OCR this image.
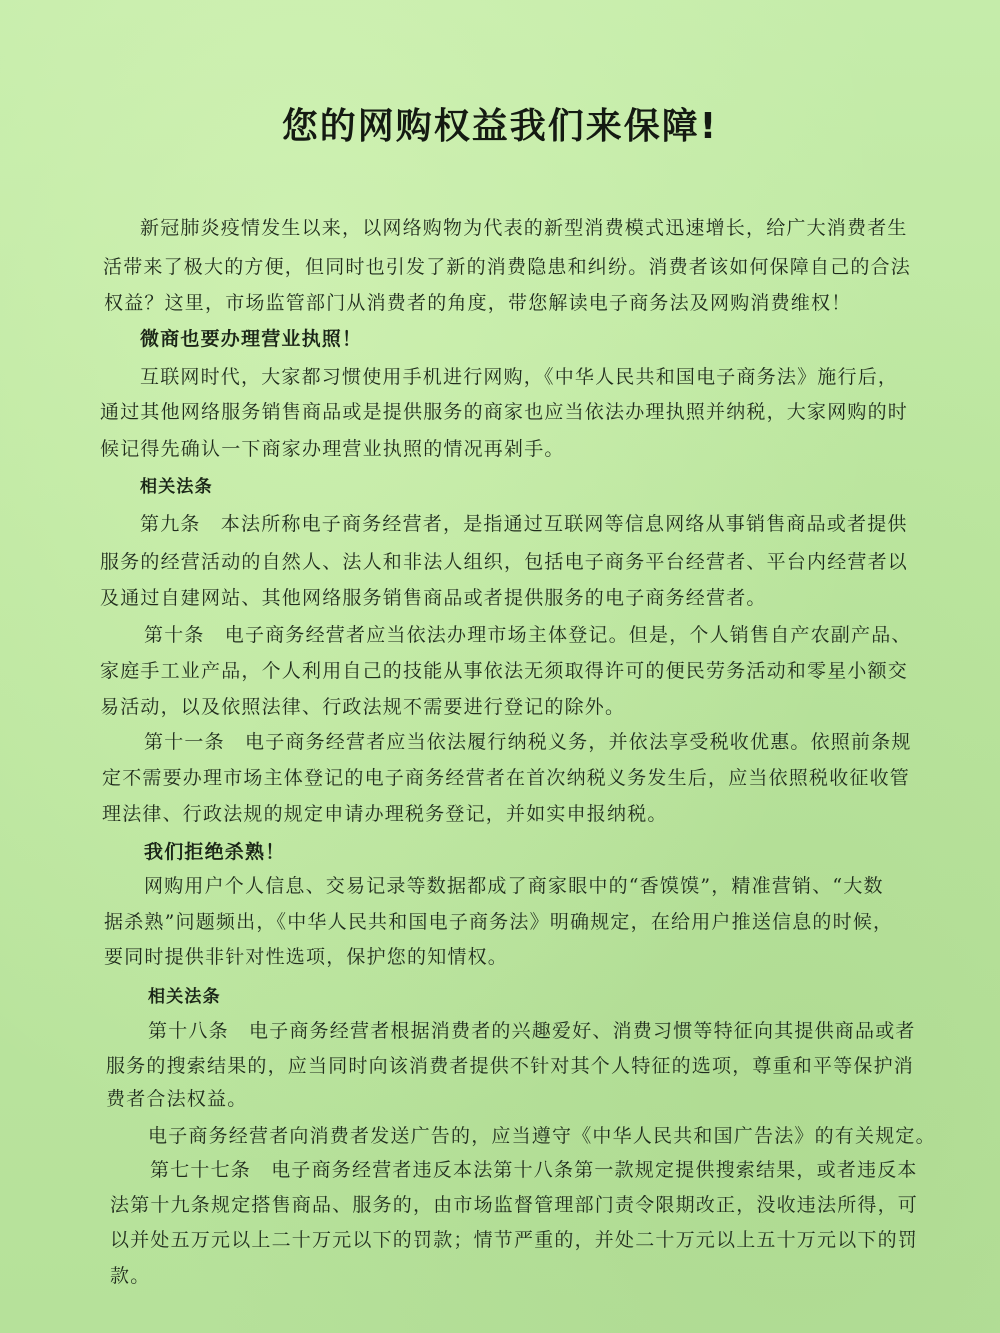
您的网购权益我们来保障!

新冠肺炎疫情发生以来，以网络购物为代表的新型消费模式迅速增长，给广大消费者生

活带来了极大的方便，但同时也引发了新的消费隐患和纠纷。消费者该如何保障自己的合法

权益？这里，市场监管部门从消费者的角度，带您解读电子商务法及网购消费维权！

微商也要办理营业执照！

互联网时代，大家都习惯使用手机进行网购，《中华人民共和国电子商务法》施行后，

通过其他网络服务销售商品或是提供服务的商家也应当依法办理执照并纳税，大家网购的时

候记得先确认一下商家办理营业执照的情况再剁手。

相关法条

第九条　本法所称电子商务经营者，是指通过互联网等信息网络从事销售商品或者提供

服务的经营活动的自然人、法人和非法人组织，包括电子商务平台经营者、平台内经营者以

及通过自建网站、其他网络服务销售商品或者提供服务的电子商务经营者。

第十条　电子商务经营者应当依法办理市场主体登记。但是，个人销售自产农副产品、

家庭手工业产品，个人利用自己的技能从事依法无须取得许可的便民劳务活动和零星小额交

易活动，以及依照法律、行政法规不需要进行登记的除外。

第十一条　电子商务经营者应当依法履行纳税义务，并依法享受税收优惠。依照前条规

定不需要办理市场主体登记的电子商务经营者在首次纳税义务发生后，应当依照税收征收管

理法律、行政法规的规定申请办理税务登记，并如实申报纳税。

我们拒绝杀熟！

网购用户个人信息、交易记录等数据都成了商家眼中的“香馍馍”，精准营销、“大数

据杀熟”问题频出，《中华人民共和国电子商务法》明确规定，在给用户推送信息的时候，

要同时提供非针对性选项，保护您的知情权。

相关法条

第十八条　电子商务经营者根据消费者的兴趣爱好、消费习惯等特征向其提供商品或者

服务的搜索结果的，应当同时向该消费者提供不针对其个人特征的选项，尊重和平等保护消

费者合法权益。

电子商务经营者向消费者发送广告的，应当遵守《中华人民共和国广告法》的有关规定。

第七十七条　电子商务经营者违反本法第十八条第一款规定提供搜索结果，或者违反本

法第十九条规定搭售商品、服务的，由市场监督管理部门责令限期改正，没收违法所得，可

以并处五万元以上二十万元以下的罚款；情节严重的，并处二十万元以上五十万元以下的罚

款。
